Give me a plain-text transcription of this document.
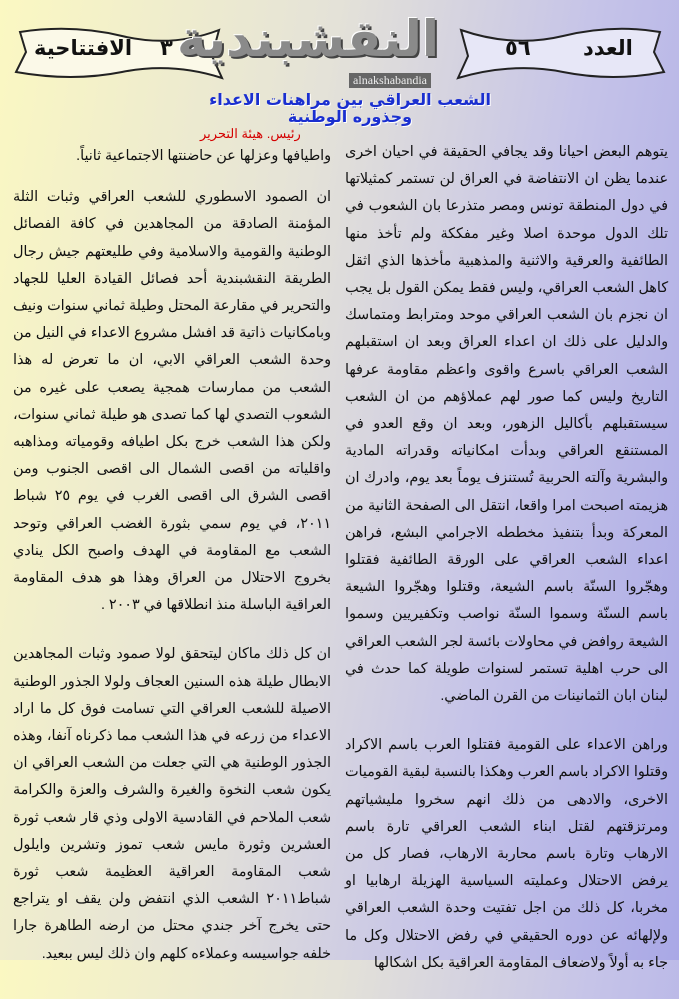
الافتتاحية ٣	٥٦ العدد
النقشبندية
alnakshabandia
الشعب العراقي بين مراهنات الاعداء
وجذوره الوطنية
رئيس. هيئة التحرير

يتوهم البعض احيانا وقد يجافي الحقيقة في احيان اخرى عندما يظن ان الانتفاضة في العراق لن تستمر كمثيلاتها في دول المنطقة تونس ومصر متذرعا بان الشعوب في تلك الدول موحدة اصلا وغير مفككة ولم تأخذ منها الطائفية والعرقية والاثنية والمذهبية مأخذها الذي اثقل كاهل الشعب العراقي، وليس فقط يمكن القول بل يجب ان نجزم بان الشعب العراقي موحد ومترابط ومتماسك والدليل على ذلك ان اعداء العراق وبعد ان استقبلهم الشعب العراقي باسرع واقوى واعظم مقاومة عرفها التاريخ وليس كما صور لهم عملاؤهم من ان الشعب سيستقبلهم بأكاليل الزهور، وبعد ان وقع العدو في المستنقع العراقي وبدأت امكانياته وقدراته المادية والبشرية وآلته الحربية تُستنزف يوماً بعد يوم، وادرك ان هزيمته اصبحت امرا واقعا، انتقل الى الصفحة الثانية من المعركة وبدأ بتنفيذ مخططه الاجرامي البشع، فراهن اعداء الشعب العراقي على الورقة الطائفية فقتلوا وهجّروا السنّة باسم الشيعة، وقتلوا وهجّروا الشيعة باسم السنّة وسموا السنّة نواصب وتكفيريين وسموا الشيعة روافض في محاولات بائسة لجر الشعب العراقي الى حرب اهلية تستمر لسنوات طويلة كما حدث في لبنان ابان الثمانينات من القرن الماضي.

وراهن الاعداء على القومية فقتلوا العرب باسم الاكراد وقتلوا الاكراد باسم العرب وهكذا بالنسبة لبقية القوميات الاخرى، والادهى من ذلك انهم سخروا مليشياتهم ومرتزقتهم لقتل ابناء الشعب العراقي تارة باسم الارهاب وتارة باسم محاربة الارهاب، فصار كل من يرفض الاحتلال وعمليته السياسية الهزيلة ارهابيا او مخربا، كل ذلك من اجل تفتيت وحدة الشعب العراقي ولإلهائه عن دوره الحقيقي في رفض الاحتلال وكل ما جاء به أولاً ولاضعاف المقاومة العراقية بكل اشكالها

واطيافها وعزلها عن حاضنتها الاجتماعية ثانياً.

ان الصمود الاسطوري للشعب العراقي وثبات الثلة المؤمنة الصادقة من المجاهدين في كافة الفصائل الوطنية والقومية والاسلامية وفي طليعتهم جيش رجال الطريقة النقشبندية أحد فصائل القيادة العليا للجهاد والتحرير في مقارعة المحتل وطيلة ثماني سنوات ونيف وبامكانيات ذاتية قد افشل مشروع الاعداء في النيل من وحدة الشعب العراقي الابي، ان ما تعرض له هذا الشعب من ممارسات همجية يصعب على غيره من الشعوب التصدي لها كما تصدى هو طيلة ثماني سنوات، ولكن هذا الشعب خرج بكل اطيافه وقومياته ومذاهبه واقلياته من اقصى الشمال الى اقصى الجنوب ومن اقصى الشرق الى اقصى الغرب في يوم ٢٥ شباط ٢٠١١، في يوم سمي بثورة الغضب العراقي وتوحد الشعب مع المقاومة في الهدف واصبح الكل ينادي بخروج الاحتلال من العراق وهذا هو هدف المقاومة العراقية الباسلة منذ انطلاقها في ٢٠٠٣ .

ان كل ذلك ماكان ليتحقق لولا صمود وثبات المجاهدين الابطال طيلة هذه السنين العجاف ولولا الجذور الوطنية الاصيلة للشعب العراقي التي تسامت فوق كل ما اراد الاعداء من زرعه في هذا الشعب مما ذكرناه آنفا، وهذه الجذور الوطنية هي التي جعلت من الشعب العراقي ان يكون شعب النخوة والغيرة والشرف والعزة والكرامة شعب الملاحم في القادسية الاولى وذي قار شعب ثورة العشرين وثورة مايس شعب تموز وتشرين وايلول شعب المقاومة العراقية العظيمة شعب ثورة شباط٢٠١١ الشعب الذي انتفض ولن يقف او يتراجع حتى يخرج آخر جندي محتل من ارضه الطاهرة جارا خلفه جواسيسه وعملاءه كلهم وان ذلك ليس ببعيد.
